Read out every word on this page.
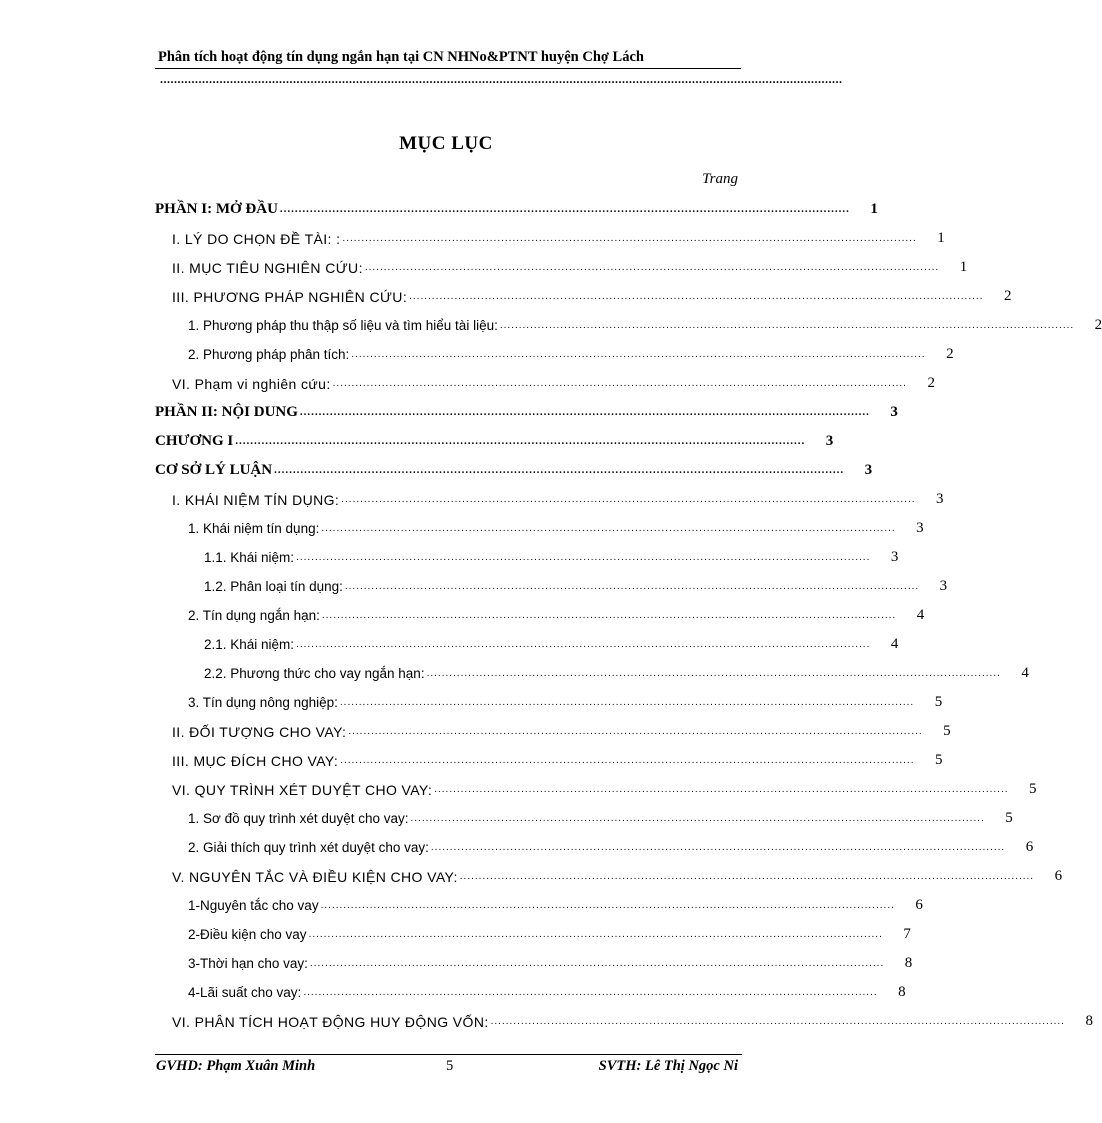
Phân tích hoạt động tín dụng ngắn hạn tại CN NHNo&PTNT huyện Chợ Lách
...................................................................................................................................................................................................
MỤC LỤC
Trang
PHẦN I: MỞ ĐẦU ........................................................................................................................................................	1
I. LÝ DO CHỌN ĐỀ TÀI: : ........................................................................................................................................................	1
II. MỤC TIÊU NGHIÊN CỨU: ........................................................................................................................................................	1
III. PHƯƠNG PHÁP NGHIÊN CỨU: ........................................................................................................................................................	2
1. Phương pháp thu thập số liệu và tìm hiểu tài liệu: ........................................................................................................................................................	2
2. Phương pháp phân tích: ........................................................................................................................................................	2
VI. Phạm vi nghiên cứu: ........................................................................................................................................................	2
PHẦN II: NỘI DUNG ........................................................................................................................................................	3
CHƯƠNG I ........................................................................................................................................................	3
CƠ SỞ LÝ LUẬN ........................................................................................................................................................	3
I. KHÁI NIỆM TÍN DỤNG: ........................................................................................................................................................	3
1. Khái niệm tín dụng: ........................................................................................................................................................	3
1.1. Khái niệm: ........................................................................................................................................................	3
1.2. Phân loại tín dụng: ........................................................................................................................................................	3
2. Tín dụng ngắn hạn: ........................................................................................................................................................	4
2.1. Khái niệm: ........................................................................................................................................................	4
2.2. Phương thức cho vay ngắn hạn: ........................................................................................................................................................	4
3. Tín dụng nông nghiệp: ........................................................................................................................................................	5
II. ĐỐI TƯỢNG CHO VAY: ........................................................................................................................................................	5
III. MỤC ĐÍCH CHO VAY: ........................................................................................................................................................	5
VI. QUY TRÌNH XÉT DUYỆT CHO VAY: ........................................................................................................................................................	5
1. Sơ đồ quy trình xét duyệt cho vay: ........................................................................................................................................................	5
2. Giải thích quy trình xét duyệt cho vay: ........................................................................................................................................................	6
V. NGUYÊN TẮC VÀ ĐIỀU KIỆN CHO VAY: ........................................................................................................................................................	6
1-Nguyên tắc cho vay ........................................................................................................................................................	6
2-Điều kiện cho vay ........................................................................................................................................................	7
3-Thời hạn cho vay: ........................................................................................................................................................	8
4-Lãi suất cho vay: ........................................................................................................................................................	8
VI. PHÂN TÍCH HOẠT ĐỘNG HUY ĐỘNG VỐN: ........................................................................................................................................................	8
GVHD: Phạm Xuân Minh	5	SVTH: Lê Thị Ngọc Ni
